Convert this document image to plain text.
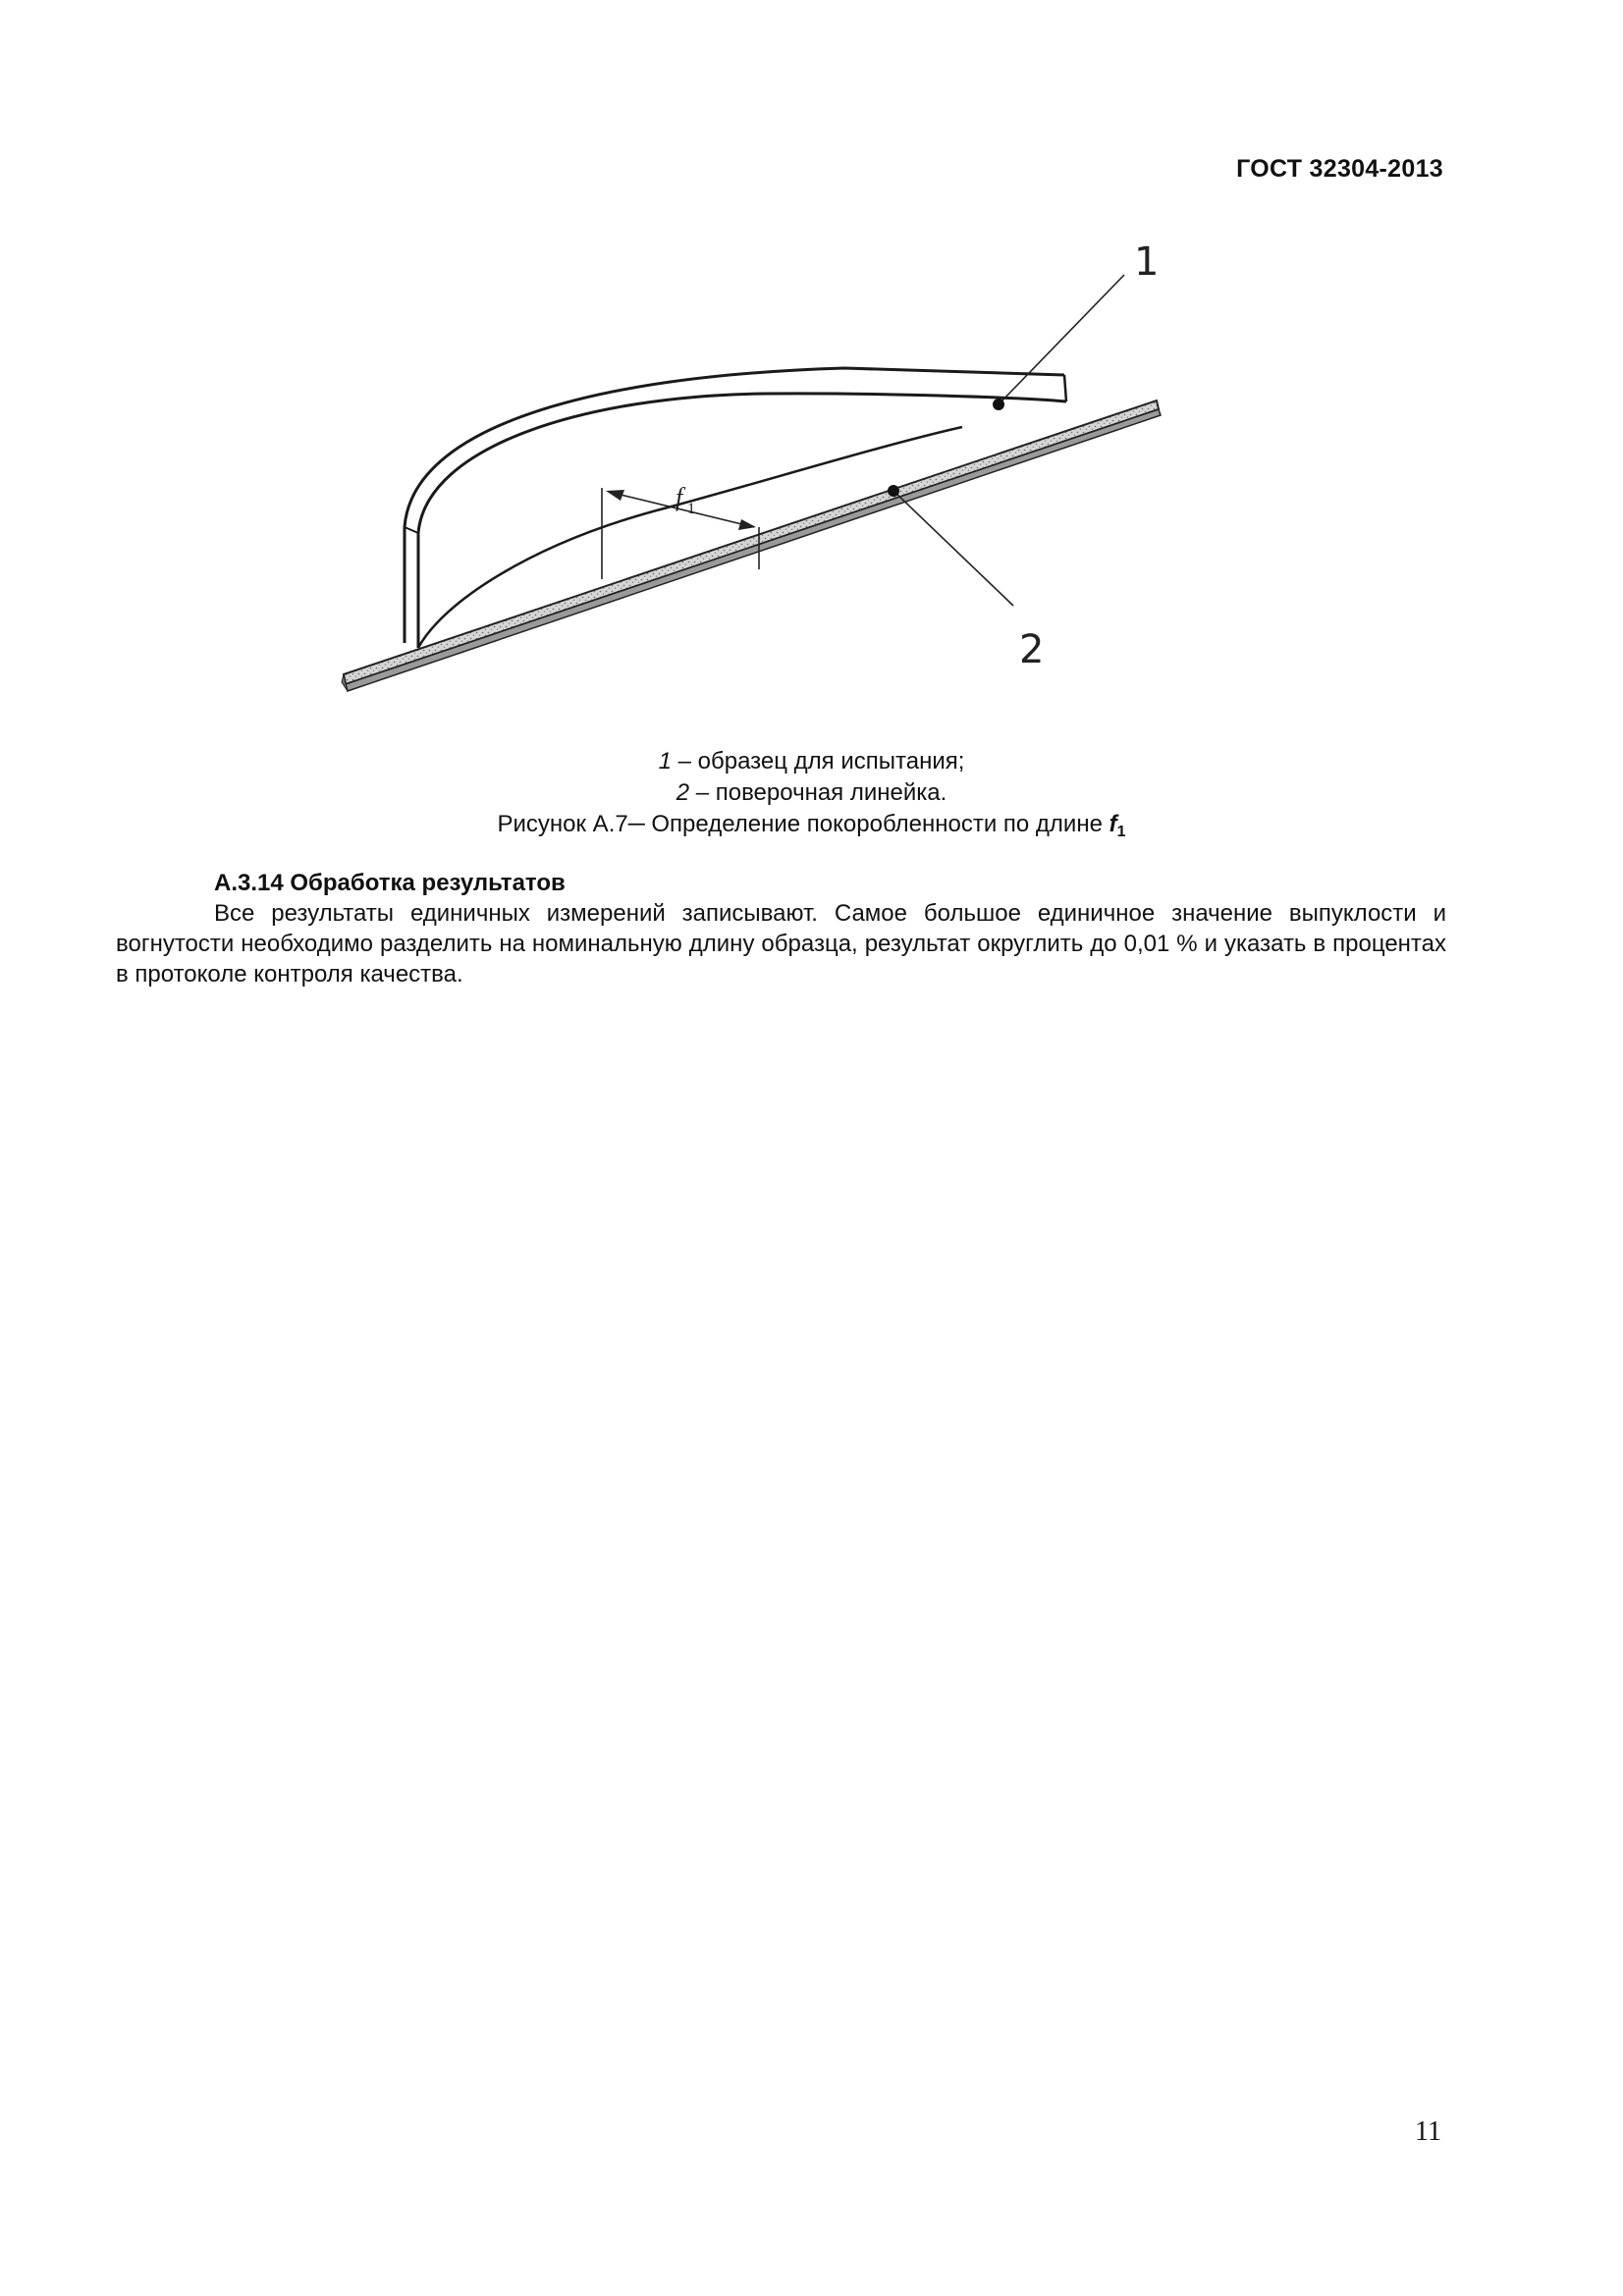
ГОСТ 32304-2013
f 1
1
2
1 – образец для испытания;
2 – поверочная линейка.
Рисунок А.7─ Определение покоробленности по длине $f_1$
А.3.14 Обработка результатов
Все результаты единичных измерений записывают. Самое большое единичное значение выпуклости и вогнутости необходимо разделить на номинальную длину образца, результат округлить до 0,01 % и указать в процентах в протоколе контроля качества.
11
